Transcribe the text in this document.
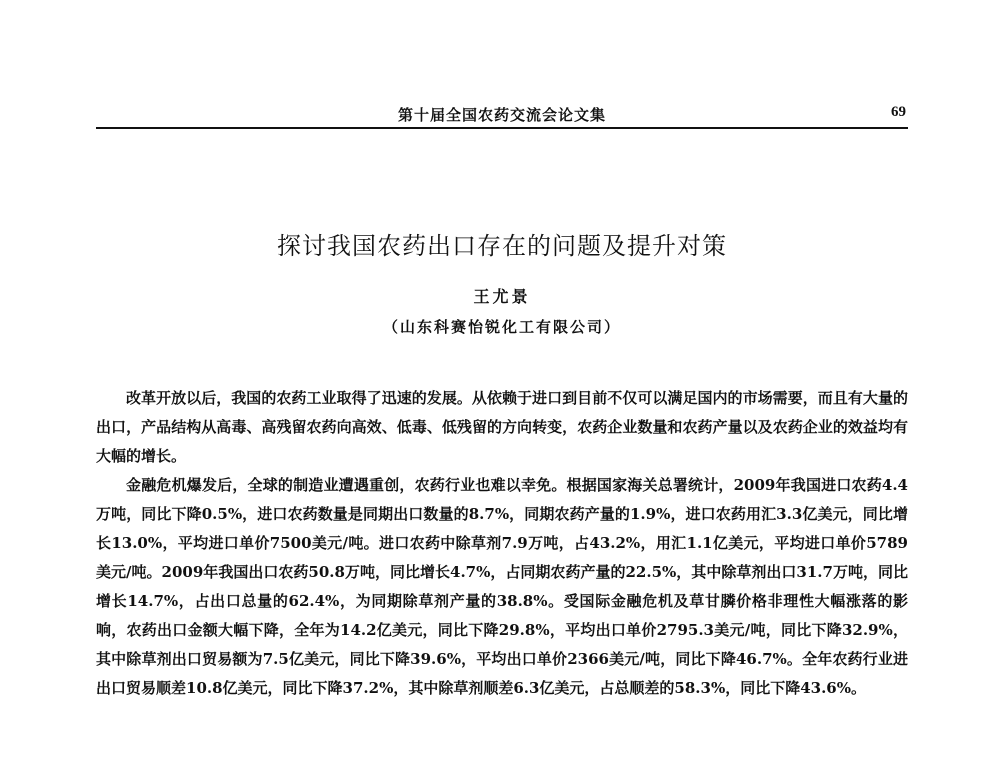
第十届全国农药交流会论文集	69
探讨我国农药出口存在的问题及提升对策
王尤景
（山东科赛怡锐化工有限公司）

改革开放以后，我国的农药工业取得了迅速的发展。从依赖于进口到目前不仅可以满足国内的市场需要，而且有大量的出口，产品结构从高毒、高残留农药向高效、低毒、低残留的方向转变，农药企业数量和农药产量以及农药企业的效益均有大幅的增长。

金融危机爆发后，全球的制造业遭遇重创，农药行业也难以幸免。根据国家海关总署统计，2009年我国进口农药4.4万吨，同比下降0.5%，进口农药数量是同期出口数量的8.7%，同期农药产量的1.9%，进口农药用汇3.3亿美元，同比增长13.0%，平均进口单价7500美元/吨。进口农药中除草剂7.9万吨，占43.2%，用汇1.1亿美元，平均进口单价5789美元/吨。2009年我国出口农药50.8万吨，同比增长4.7%，占同期农药产量的22.5%，其中除草剂出口31.7万吨，同比增长14.7%，占出口总量的62.4%，为同期除草剂产量的38.8%。受国际金融危机及草甘膦价格非理性大幅涨落的影响，农药出口金额大幅下降，全年为14.2亿美元，同比下降29.8%，平均出口单价2795.3美元/吨，同比下降32.9%，其中除草剂出口贸易额为7.5亿美元，同比下降39.6%，平均出口单价2366美元/吨，同比下降46.7%。全年农药行业进出口贸易顺差10.8亿美元，同比下降37.2%，其中除草剂顺差6.3亿美元，占总顺差的58.3%，同比下降43.6%。
